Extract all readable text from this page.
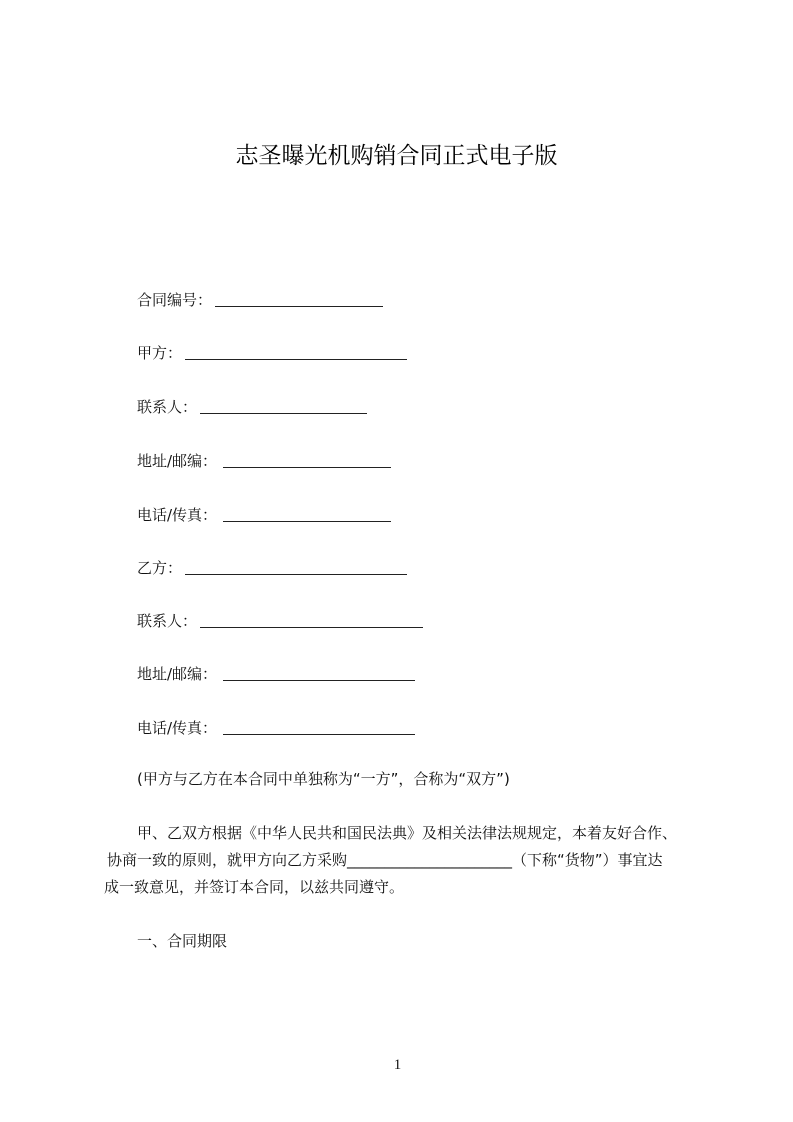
志圣曝光机购销合同正式电子版
合同编号：
甲方：
联系人：
地址/邮编：
电话/传真：
乙方：
联系人：
地址/邮编：
电话/传真：
(甲方与乙方在本合同中单独称为“一方”，合称为“双方”)
甲、乙双方根据《中华人民共和国民法典》及相关法律法规规定，本着友好合作、
协商一致的原则，就甲方向乙方采购______________________（下称“货物”）事宜达
成一致意见，并签订本合同，以兹共同遵守。
一、合同期限
1
